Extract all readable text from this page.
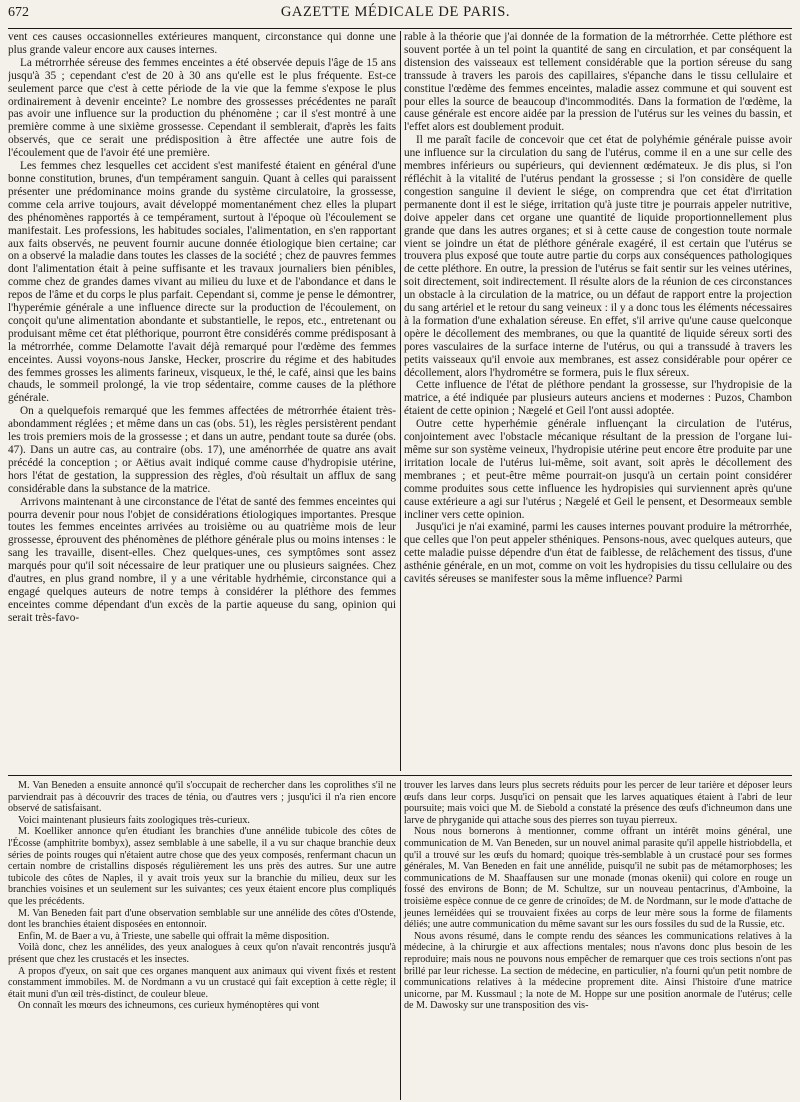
672	GAZETTE MÉDICALE DE PARIS.

vent ces causes occasionnelles extérieures manquent, circonstance qui donne une plus grande valeur encore aux causes internes.

La métrorrhée séreuse des femmes enceintes a été observée depuis l'âge de 15 ans jusqu'à 35 ; cependant c'est de 20 à 30 ans qu'elle est le plus fréquente. Est-ce seulement parce que c'est à cette période de la vie que la femme s'expose le plus ordinairement à devenir enceinte? Le nombre des grossesses précédentes ne paraît pas avoir une influence sur la production du phénomène ; car il s'est montré à une première comme à une sixième grossesse. Cependant il semblerait, d'après les faits observés, que ce serait une prédisposition à être affectée une autre fois de l'écoulement que de l'avoir été une première.

Les femmes chez lesquelles cet accident s'est manifesté étaient en général d'une bonne constitution, brunes, d'un tempérament sanguin. Quant à celles qui paraissent présenter une prédominance moins grande du système circulatoire, la grossesse, comme cela arrive toujours, avait développé momentanément chez elles la plupart des phénomènes rapportés à ce tempérament, surtout à l'époque où l'écoulement se manifestait. Les professions, les habitudes sociales, l'alimentation, en s'en rapportant aux faits observés, ne peuvent fournir aucune donnée étiologique bien certaine; car on a observé la maladie dans toutes les classes de la société ; chez de pauvres femmes dont l'alimentation était à peine suffisante et les travaux journaliers bien pénibles, comme chez de grandes dames vivant au milieu du luxe et de l'abondance et dans le repos de l'âme et du corps le plus parfait. Cependant si, comme je pense le démontrer, l'hyperémie générale a une influence directe sur la production de l'écoulement, on conçoit qu'une alimentation abondante et substantielle, le repos, etc., entretenant ou produisant même cet état pléthorique, pourront être considérés comme prédisposant à la métrorrhée, comme Delamotte l'avait déjà remarqué pour l'œdème des femmes enceintes. Aussi voyons-nous Janske, Hecker, proscrire du régime et des habitudes des femmes grosses les aliments farineux, visqueux, le thé, le café, ainsi que les bains chauds, le sommeil prolongé, la vie trop sédentaire, comme causes de la pléthore générale.

On a quelquefois remarqué que les femmes affectées de métrorrhée étaient très-abondamment réglées ; et même dans un cas (obs. 51), les règles persistèrent pendant les trois premiers mois de la grossesse ; et dans un autre, pendant toute sa durée (obs. 47). Dans un autre cas, au contraire (obs. 17), une aménorrhée de quatre ans avait précédé la conception ; or Aëtius avait indiqué comme cause d'hydropisie utérine, hors l'état de gestation, la suppression des règles, d'où résultait un afflux de sang considérable dans la substance de la matrice.

Arrivons maintenant à une circonstance de l'état de santé des femmes enceintes qui pourra devenir pour nous l'objet de considérations étiologiques importantes. Presque toutes les femmes enceintes arrivées au troisième ou au quatrième mois de leur grossesse, éprouvent des phénomènes de pléthore générale plus ou moins intenses : le sang les travaille, disent-elles. Chez quelques-unes, ces symptômes sont assez marqués pour qu'il soit nécessaire de leur pratiquer une ou plusieurs saignées. Chez d'autres, en plus grand nombre, il y a une véritable hydrhémie, circonstance qui a engagé quelques auteurs de notre temps à considérer la pléthore des femmes enceintes comme dépendant d'un excès de la partie aqueuse du sang, opinion qui serait très-favo-

rable à la théorie que j'ai donnée de la formation de la métrorrhée. Cette pléthore est souvent portée à un tel point la quantité de sang en circulation, et par conséquent la distension des vaisseaux est tellement considérable que la portion séreuse du sang transsude à travers les parois des capillaires, s'épanche dans le tissu cellulaire et constitue l'œdème des femmes enceintes, maladie assez commune et qui souvent est pour elles la source de beaucoup d'incommodités. Dans la formation de l'œdème, la cause générale est encore aidée par la pression de l'utérus sur les veines du bassin, et l'effet alors est doublement produit.

Il me paraît facile de concevoir que cet état de polyhémie générale puisse avoir une influence sur la circulation du sang de l'utérus, comme il en a une sur celle des membres inférieurs ou supérieurs, qui deviennent œdémateux. Je dis plus, si l'on réfléchit à la vitalité de l'utérus pendant la grossesse ; si l'on considère de quelle congestion sanguine il devient le siége, on comprendra que cet état d'irritation permanente dont il est le siége, irritation qu'à juste titre je pourrais appeler nutritive, doive appeler dans cet organe une quantité de liquide proportionnellement plus grande que dans les autres organes; et si à cette cause de congestion toute normale vient se joindre un état de pléthore générale exagéré, il est certain que l'utérus se trouvera plus exposé que toute autre partie du corps aux conséquences pathologiques de cette pléthore. En outre, la pression de l'utérus se fait sentir sur les veines utérines, soit directement, soit indirectement. Il résulte alors de la réunion de ces circonstances un obstacle à la circulation de la matrice, ou un défaut de rapport entre la projection du sang artériel et le retour du sang veineux : il y a donc tous les éléments nécessaires à la formation d'une exhalation séreuse. En effet, s'il arrive qu'une cause quelconque opère le décollement des membranes, ou que la quantité de liquide séreux sorti des pores vasculaires de la surface interne de l'utérus, ou qui a transsudé à travers les petits vaisseaux qu'il envoie aux membranes, est assez considérable pour opérer ce décollement, alors l'hydrométre se formera, puis le flux séreux.

Cette influence de l'état de pléthore pendant la grossesse, sur l'hydropisie de la matrice, a été indiquée par plusieurs auteurs anciens et modernes : Puzos, Chambon étaient de cette opinion ; Nægelé et Geil l'ont aussi adoptée.

Outre cette hyperhémie générale influençant la circulation de l'utérus, conjointement avec l'obstacle mécanique résultant de la pression de l'organe lui-même sur son système veineux, l'hydropisie utérine peut encore être produite par une irritation locale de l'utérus lui-même, soit avant, soit après le décollement des membranes ; et peut-être même pourrait-on jusqu'à un certain point considérer comme produites sous cette influence les hydropisies qui surviennent après qu'une cause extérieure a agi sur l'utérus ; Nægelé et Geil le pensent, et Desormeaux semble incliner vers cette opinion.

Jusqu'ici je n'ai examiné, parmi les causes internes pouvant produire la métrorrhée, que celles que l'on peut appeler sthéniques. Pensons-nous, avec quelques auteurs, que cette maladie puisse dépendre d'un état de faiblesse, de relâchement des tissus, d'une asthénie générale, en un mot, comme on voit les hydropisies du tissu cellulaire ou des cavités séreuses se manifester sous la même influence? Parmi

M. Van Beneden a ensuite annoncé qu'il s'occupait de rechercher dans les coprolithes s'il ne parviendrait pas à découvrir des traces de ténia, ou d'autres vers ; jusqu'ici il n'a rien encore observé de satisfaisant.

Voici maintenant plusieurs faits zoologiques très-curieux.

M. Koelliker annonce qu'en étudiant les branchies d'une annélide tubicole des côtes de l'Écosse (amphitrite bombyx), assez semblable à une sabelle, il a vu sur chaque branchie deux séries de points rouges qui n'étaient autre chose que des yeux composés, renfermant chacun un certain nombre de cristallins disposés régulièrement les uns près des autres. Sur une autre tubicole des côtes de Naples, il y avait trois yeux sur la branchie du milieu, deux sur les branchies voisines et un seulement sur les suivantes; ces yeux étaient encore plus compliqués que les précédents.

M. Van Beneden fait part d'une observation semblable sur une annélide des côtes d'Ostende, dont les branchies étaient disposées en entonnoir.

Enfin, M. de Baer a vu, à Trieste, une sabelle qui offrait la même disposition.

Voilà donc, chez les annélides, des yeux analogues à ceux qu'on n'avait rencontrés jusqu'à présent que chez les crustacés et les insectes.

A propos d'yeux, on sait que ces organes manquent aux animaux qui vivent fixés et restent constamment immobiles. M. de Nordmann a vu un crustacé qui fait exception à cette règle; il était muni d'un œil très-distinct, de couleur bleue.

On connaît les mœurs des ichneumons, ces curieux hyménoptères qui vont

trouver les larves dans leurs plus secrets réduits pour les percer de leur tarière et déposer leurs œufs dans leur corps. Jusqu'ici on pensait que les larves aquatiques étaient à l'abri de leur poursuite; mais voici que M. de Siebold a constaté la présence des œufs d'ichneumon dans une larve de phryganide qui attache sous des pierres son tuyau pierreux.

Nous nous bornerons à mentionner, comme offrant un intérêt moins général, une communication de M. Van Beneden, sur un nouvel animal parasite qu'il appelle histriobdella, et qu'il a trouvé sur les œufs du homard; quoique très-semblable à un crustacé pour ses formes générales, M. Van Beneden en fait une annélide, puisqu'il ne subit pas de métamorphoses; les communications de M. Shaaffausen sur une monade (monas okenii) qui colore en rouge un fossé des environs de Bonn; de M. Schultze, sur un nouveau pentacrinus, d'Amboine, la troisième espèce connue de ce genre de crinoïdes; de M. de Nordmann, sur le mode d'attache de jeunes lernéidées qui se trouvaient fixées au corps de leur mère sous la forme de filaments déliés; une autre communication du même savant sur les ours fossiles du sud de la Russie, etc.

Nous avons résumé, dans le compte rendu des séances les communications relatives à la médecine, à la chirurgie et aux affections mentales; nous n'avons donc plus besoin de les reproduire; mais nous ne pouvons nous empêcher de remarquer que ces trois sections n'ont pas brillé par leur richesse. La section de médecine, en particulier, n'a fourni qu'un petit nombre de communications relatives à la médecine proprement dite. Ainsi l'histoire d'une matrice unicorne, par M. Kussmaul ; la note de M. Hoppe sur une position anormale de l'utérus; celle de M. Dawosky sur une transposition des vis-
